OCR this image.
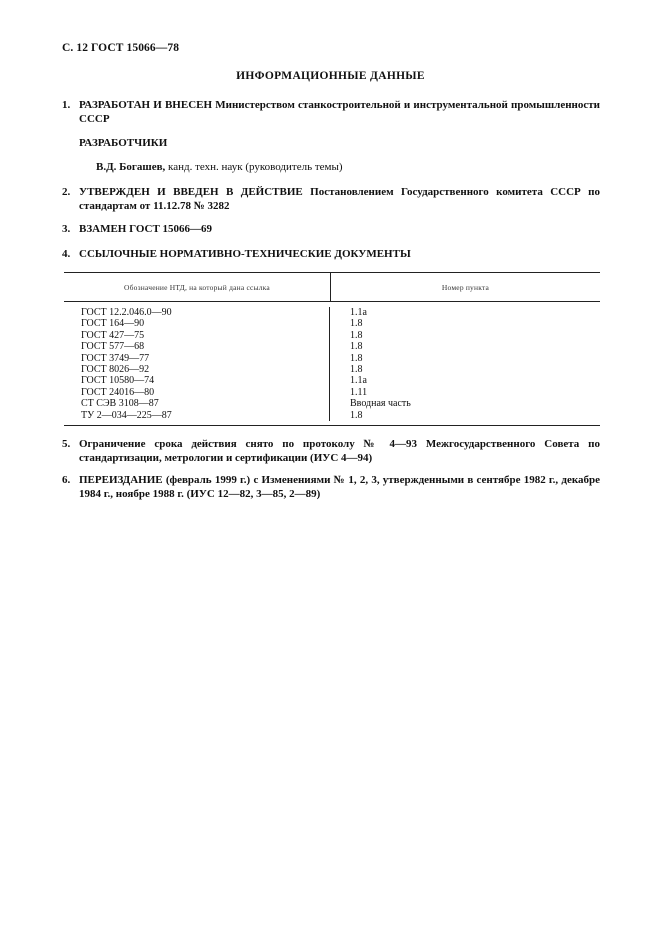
С. 12 ГОСТ 15066—78
ИНФОРМАЦИОННЫЕ ДАННЫЕ
1. РАЗРАБОТАН И ВНЕСЕН Министерством станкостроительной и инструментальной промышленности СССР
РАЗРАБОТЧИКИ
В.Д. Богашев, канд. техн. наук (руководитель темы)
2. УТВЕРЖДЕН И ВВЕДЕН В ДЕЙСТВИЕ Постановлением Государственного комитета СССР по стандартам от 11.12.78 № 3282
3. ВЗАМЕН ГОСТ 15066—69
4. ССЫЛОЧНЫЕ НОРМАТИВНО-ТЕХНИЧЕСКИЕ ДОКУМЕНТЫ
Обозначение НТД, на который дана ссылка	Номер пункта
ГОСТ 12.2.046.0—90
ГОСТ 164—90
ГОСТ 427—75
ГОСТ 577—68
ГОСТ 3749—77
ГОСТ 8026—92
ГОСТ 10580—74
ГОСТ 24016—80
СТ СЭВ 3108—87
ТУ 2—034—225—87
1.1а
1.8
1.8
1.8
1.8
1.8
1.1а
1.11
Вводная часть
1.8
5. Ограничение срока действия снято по протоколу № 4—93 Межгосударственного Совета по стандартизации, метрологии и сертификации (ИУС 4—94)
6. ПЕРЕИЗДАНИЕ (февраль 1999 г.) с Изменениями № 1, 2, 3, утвержденными в сентябре 1982 г., декабре 1984 г., ноябре 1988 г. (ИУС 12—82, 3—85, 2—89)
